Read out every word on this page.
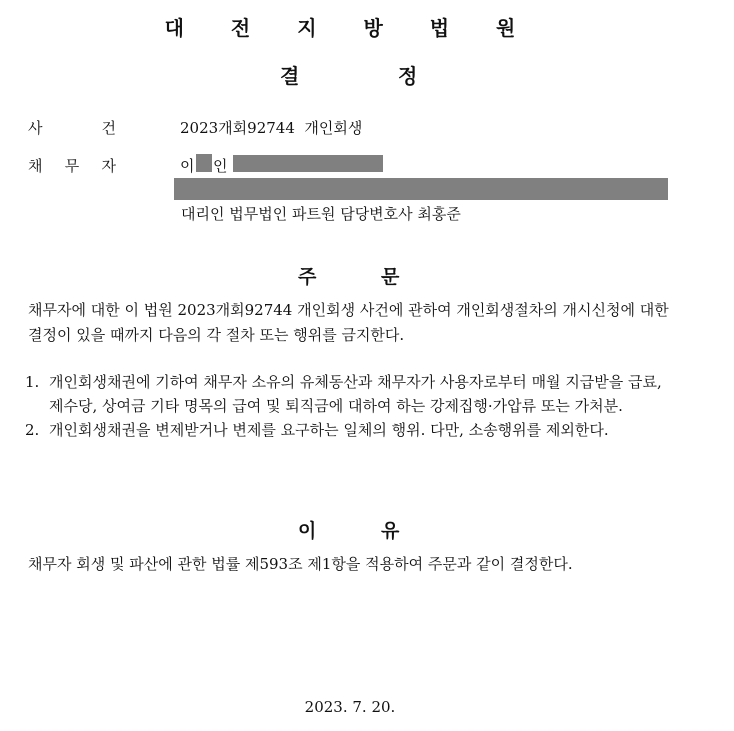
대 전 지 방 법 원
결	정
사	건	2023개회92744 개인회생
채 무 자	이 인
대리인 법무법인 파트원 담당변호사 최홍준
주	문
채무자에 대한 이 법원 2023개회92744 개인회생 사건에 관하여 개인회생절차의 개시신청에 대한 결정이 있을 때까지 다음의 각 절차 또는 행위를 금지한다.
1. 개인회생채권에 기하여 채무자 소유의 유체동산과 채무자가 사용자로부터 매월 지급받을 급료, 제수당, 상여금 기타 명목의 급여 및 퇴직금에 대하여 하는 강제집행·가압류 또는 가처분.
2. 개인회생채권을 변제받거나 변제를 요구하는 일체의 행위. 다만, 소송행위를 제외한다.
이	유
채무자 회생 및 파산에 관한 법률 제593조 제1항을 적용하여 주문과 같이 결정한다.
2023. 7. 20.
